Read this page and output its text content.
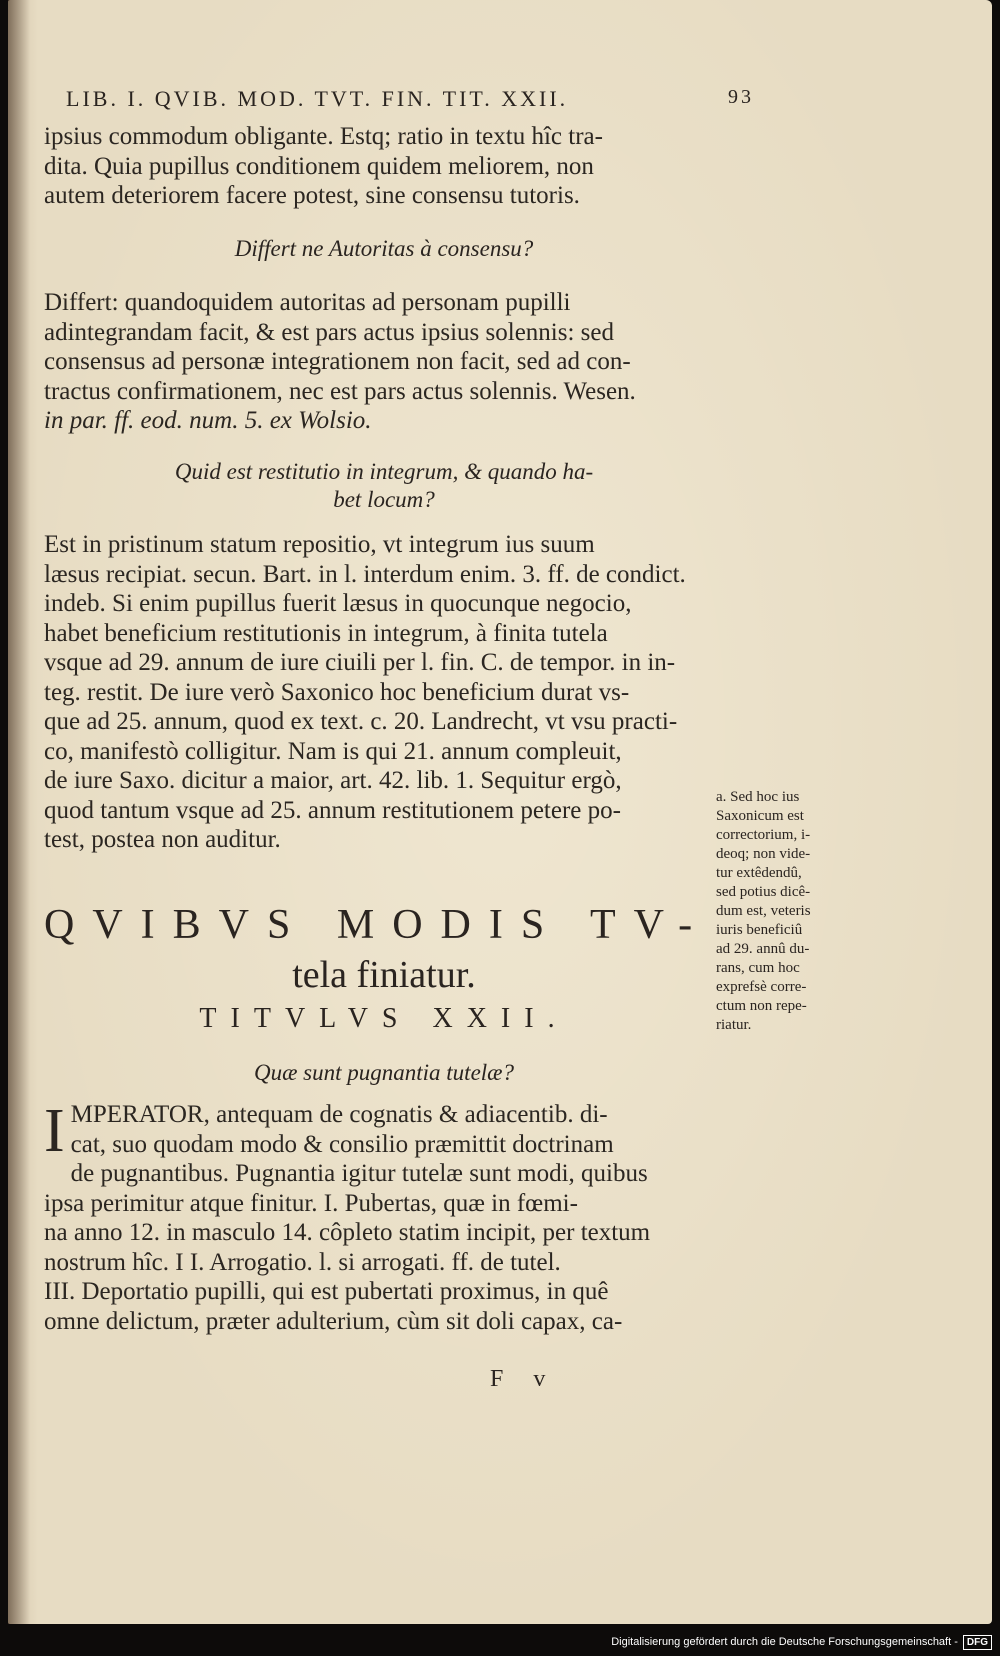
LIB. I. QVIB. MOD. TVT. FIN. TIT. XXII.	93

ipsius commodum obligante. Estq; ratio in textu hîc tra-
dita. Quia pupillus conditionem quidem meliorem, non
autem deteriorem facere potest, sine consensu tutoris.

Differt ne Autoritas à consensu?

Differt: quandoquidem autoritas ad personam pupilli
adintegrandam facit, & est pars actus ipsius solennis: sed
consensus ad personæ integrationem non facit, sed ad con-
tractus confirmationem, nec est pars actus solennis. Wesen.
in par. ff. eod. num. 5. ex Wolsio.

Quid est restitutio in integrum, & quando ha-
bet locum?

Est in pristinum statum repositio, vt integrum ius suum
læsus recipiat. secun. Bart. in l. interdum enim. 3. ff. de condict.
indeb. Si enim pupillus fuerit læsus in quocunque negocio,
habet beneficium restitutionis in integrum, à finita tutela
vsque ad 29. annum de iure ciuili per l. fin. C. de tempor. in in-
teg. restit. De iure verò Saxonico hoc beneficium durat vs-
que ad 25. annum, quod ex text. c. 20. Landrecht, vt vsu practi-
co, manifestò colligitur. Nam is qui 21. annum compleuit,
de iure Saxo. dicitur a maior, art. 42. lib. 1. Sequitur ergò,
quod tantum vsque ad 25. annum restitutionem petere po-
test, postea non auditur.

a. Sed hoc ius
Saxonicum est
correctorium, i-
deoq; non vide-
tur extêdendû,
sed potius dicê-
dum est, veteris
iuris beneficiû
ad 29. annû du-
rans, cum hoc
exprefsè corre-
ctum non repe-
riatur.
QVIBVS MODIS TV-
tela finiatur.
TITVLVS XXII.
Quæ sunt pugnantia tutelæ?

I MPERATOR, antequam de cognatis & adiacentib. di-
cat, suo quodam modo & consilio præmittit doctrinam
de pugnantibus. Pugnantia igitur tutelæ sunt modi, quibus
ipsa perimitur atque finitur. I. Pubertas, quæ in fœmi-
na anno 12. in masculo 14. côpleto statim incipit, per textum
nostrum hîc. I I. Arrogatio. l. si arrogati. ff. de tutel.
III. Deportatio pupilli, qui est pubertati proximus, in quê
omne delictum, præter adulterium, cùm sit doli capax, ca-

F v
Digitalisierung gefördert durch die Deutsche Forschungsgemeinschaft - DFG
